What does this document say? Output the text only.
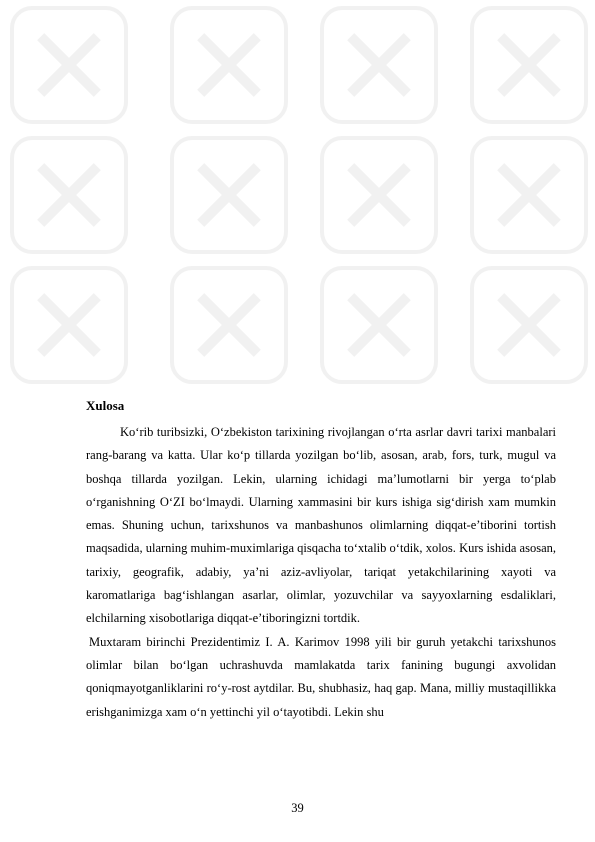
Xulosa

Ko‘rib turibsizki, O‘zbekiston tarixining rivojlangan o‘rta asrlar davri tarixi manbalari rang-barang va katta. Ular ko‘p tillarda yozilgan bo‘lib, asosan, arab, fors, turk, mugul va boshqa tillarda yozilgan. Lekin, ularning ichidagi ma’lumotlarni bir yerga to‘plab o‘rganishning O‘ZI bo‘lmaydi. Ularning xammasini bir kurs ishiga sig‘dirish xam mumkin emas. Shuning uchun, tarixshunos va manbashunos olimlarning diqqat-e’tiborini tortish maqsadida, ularning muhim-muximlariga qisqacha to‘xtalib o‘tdik, xolos. Kurs ishida asosan, tarixiy, geografik, adabiy, ya’ni aziz-avliyolar, tariqat yetakchilarining xayoti va karomatlariga bag‘ishlangan asarlar, olimlar, yozuvchilar va sayyoxlarning esdaliklari, elchilarning xisobotlariga diqqat-e’tiboringizni tortdik.

Muxtaram birinchi Prezidentimiz I. A. Karimov 1998 yili bir guruh yetakchi tarixshunos olimlar bilan bo‘lgan uchrashuvda mamlakatda tarix fanining bugungi axvolidan qoniqmayotganliklarini ro‘y-rost aytdilar. Bu, shubhasiz, haq gap. Mana, milliy mustaqillikka erishganimizga xam o‘n yettinchi yil o‘tayotibdi. Lekin shu

39
